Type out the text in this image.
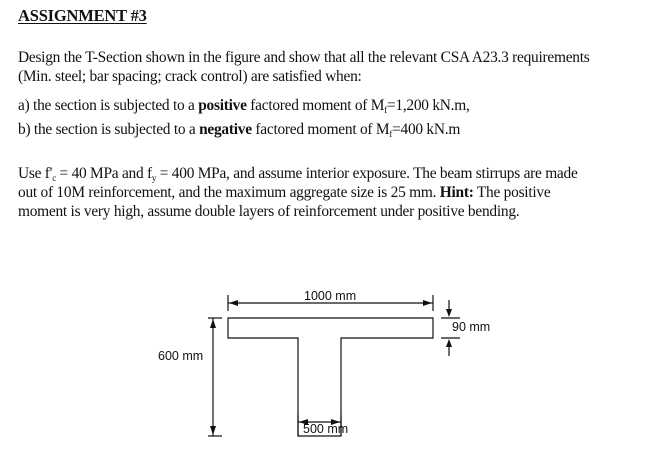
ASSIGNMENT #3
Design the T-Section shown in the figure and show that all the relevant CSA A23.3 requirements
(Min. steel; bar spacing; crack control) are satisfied when:
a) the section is subjected to a positive factored moment of $M_f=1,200$ kN.m,
b) the section is subjected to a negative factored moment of $M_f=400$ kN.m
Use $f'_c = 40$ MPa and $f_y = 400$ MPa, and assume interior exposure. The beam stirrups are made
out of 10M reinforcement, and the maximum aggregate size is 25 mm. Hint: The positive
moment is very high, assume double layers of reinforcement under positive bending.
1000 mm
90 mm
600 mm
500 mm
